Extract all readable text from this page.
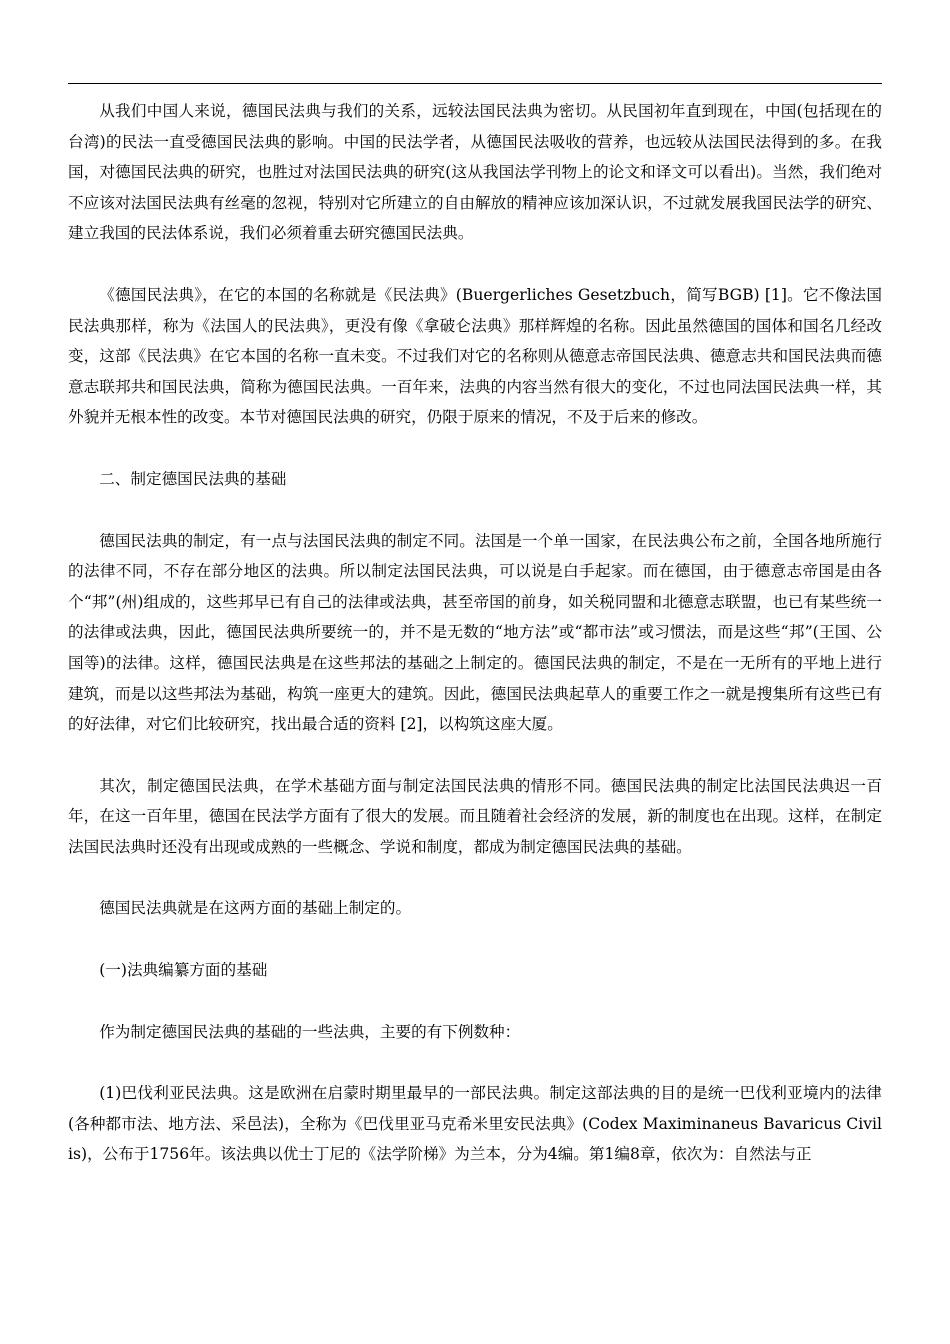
从我们中国人来说，德国民法典与我们的关系，远较法国民法典为密切。从民国初年直到现在，中国(包括现在的台湾)的民法一直受德国民法典的影响。中国的民法学者，从德国民法吸收的营养，也远较从法国民法得到的多。在我国，对德国民法典的研究，也胜过对法国民法典的研究(这从我国法学刊物上的论文和译文可以看出)。当然，我们绝对不应该对法国民法典有丝毫的忽视，特别对它所建立的自由解放的精神应该加深认识，不过就发展我国民法学的研究、建立我国的民法体系说，我们必须着重去研究德国民法典。

《德国民法典》，在它的本国的名称就是《民法典》(Buergerliches Gesetzbuch，简写BGB) [1]。它不像法国民法典那样，称为《法国人的民法典》，更没有像《拿破仑法典》那样辉煌的名称。因此虽然德国的国体和国名几经改变，这部《民法典》在它本国的名称一直未变。不过我们对它的名称则从德意志帝国民法典、德意志共和国民法典而德意志联邦共和国民法典，简称为德国民法典。一百年来，法典的内容当然有很大的变化，不过也同法国民法典一样，其外貌并无根本性的改变。本节对德国民法典的研究，仍限于原来的情况，不及于后来的修改。

二、制定德国民法典的基础

德国民法典的制定，有一点与法国民法典的制定不同。法国是一个单一国家，在民法典公布之前，全国各地所施行的法律不同，不存在部分地区的法典。所以制定法国民法典，可以说是白手起家。而在德国，由于德意志帝国是由各个“邦”(州)组成的，这些邦早已有自己的法律或法典，甚至帝国的前身，如关税同盟和北德意志联盟，也已有某些统一的法律或法典，因此，德国民法典所要统一的，并不是无数的“地方法”或“都市法”或习惯法，而是这些“邦”(王国、公国等)的法律。这样，德国民法典是在这些邦法的基础之上制定的。德国民法典的制定，不是在一无所有的平地上进行建筑，而是以这些邦法为基础，构筑一座更大的建筑。因此，德国民法典起草人的重要工作之一就是搜集所有这些已有的好法律，对它们比较研究，找出最合适的资料 [2]，以构筑这座大厦。

其次，制定德国民法典，在学术基础方面与制定法国民法典的情形不同。德国民法典的制定比法国民法典迟一百年，在这一百年里，德国在民法学方面有了很大的发展。而且随着社会经济的发展，新的制度也在出现。这样，在制定法国民法典时还没有出现或成熟的一些概念、学说和制度，都成为制定德国民法典的基础。

德国民法典就是在这两方面的基础上制定的。

(一)法典编纂方面的基础

作为制定德国民法典的基础的一些法典，主要的有下例数种：

(1)巴伐利亚民法典。这是欧洲在启蒙时期里最早的一部民法典。制定这部法典的目的是统一巴伐利亚境内的法律(各种都市法、地方法、采邑法)，全称为《巴伐里亚马克希米里安民法典》(Codex Maximinaneus Bavaricus Civilis)，公布于1756年。该法典以优士丁尼的《法学阶梯》为兰本，分为4编。第1编8章，依次为：自然法与正
